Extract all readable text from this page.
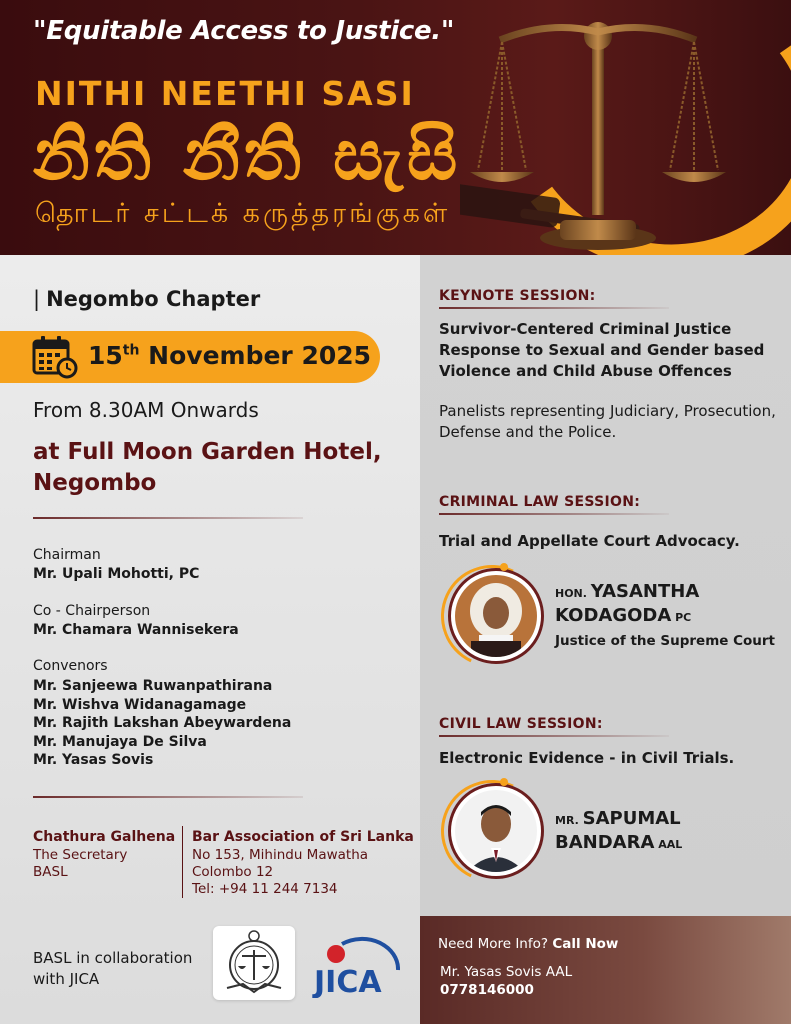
"Equitable Access to Justice."
NITHI NEETHI SASI
නිති නීති සැසි
தொடர் சட்டக் கருத்தரங்குகள்
| Negombo Chapter
15th November 2025
From 8.30AM Onwards
at Full Moon Garden Hotel, Negombo
Chairman
Mr. Upali Mohotti, PC
Co - Chairperson
Mr. Chamara Wannisekera
Convenors
Mr. Sanjeewa Ruwanpathirana
Mr. Wishva Widanagamage
Mr. Rajith Lakshan Abeywardena
Mr. Manujaya De Silva
Mr. Yasas Sovis
Chathura Galhena
The Secretary
BASL
Bar Association of Sri Lanka
No 153, Mihindu Mawatha
Colombo 12
Tel: +94 11 244 7134
BASL in collaboration
with JICA	JICA
KEYNOTE SESSION:
Survivor-Centered Criminal Justice Response to Sexual and Gender based Violence and Child Abuse Offences
Panelists representing Judiciary, Prosecution, Defense and the Police.
CRIMINAL LAW SESSION:
Trial and Appellate Court Advocacy.
HON. YASANTHA
KODAGODA PC
Justice of the Supreme Court
CIVIL LAW SESSION:
Electronic Evidence - in Civil Trials.
MR. SAPUMAL
BANDARA AAL
Need More Info? Call Now
Mr. Yasas Sovis AAL
0778146000
